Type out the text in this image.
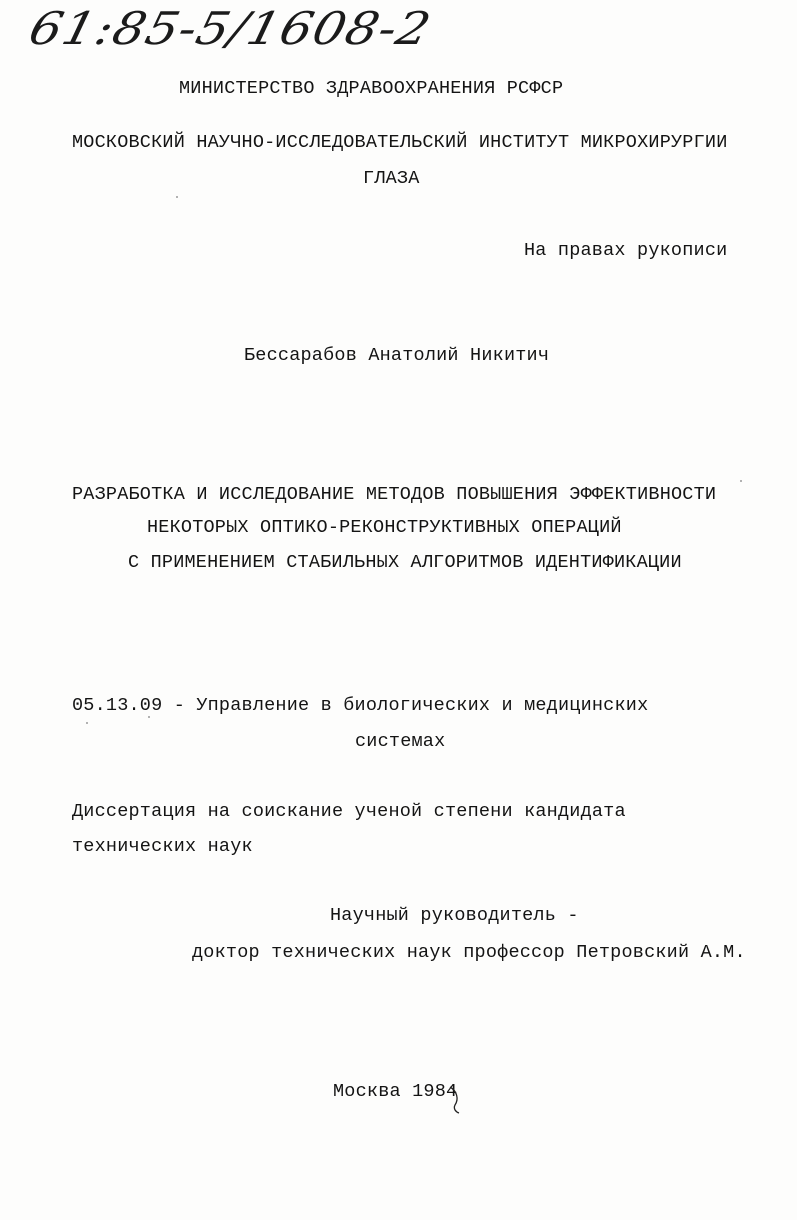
61:85-5/1608-2
МИНИСТЕРСТВО ЗДРАВООХРАНЕНИЯ РСФСР
МОСКОВСКИЙ НАУЧНО-ИССЛЕДОВАТЕЛЬСКИЙ ИНСТИТУТ МИКРОХИРУРГИИ
ГЛАЗА
На правах рукописи
Бессарабов Анатолий Никитич
РАЗРАБОТКА И ИССЛЕДОВАНИЕ МЕТОДОВ ПОВЫШЕНИЯ ЭФФЕКТИВНОСТИ
НЕКОТОРЫХ ОПТИКО-РЕКОНСТРУКТИВНЫХ ОПЕРАЦИЙ
С ПРИМЕНЕНИЕМ СТАБИЛЬНЫХ АЛГОРИТМОВ ИДЕНТИФИКАЦИИ
05.13.09 - Управление в биологических и медицинских
системах
Диссертация на соискание ученой степени кандидата
технических наук
Научный руководитель -
доктор технических наук профессор Петровский А.М.
Москва 1984
